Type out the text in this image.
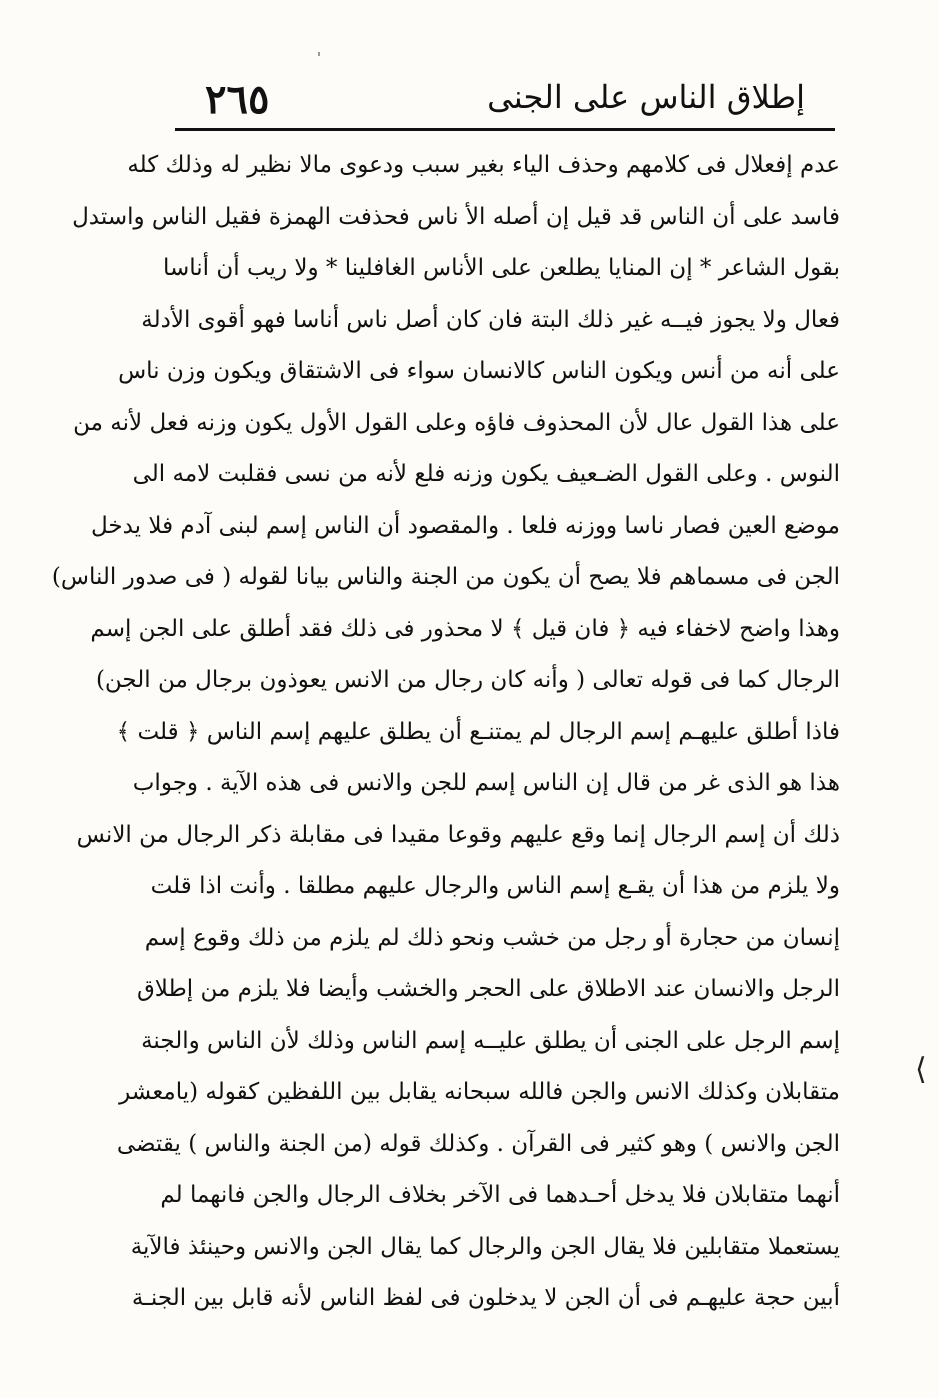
٢٦٥	إطلاق الناس على الجنى
عدم إفعلال فى كلامهم وحذف الياء بغير سبب ودعوى مالا نظير له وذلك كله
فاسد على أن الناس قد قيل إن أصله الأ ناس فحذفت الهمزة فقيل الناس واستدل
بقول الشاعر * إن المنايا يطلعن على الأناس الغافلينا * ولا ريب أن أناسا
فعال ولا يجوز فيــه غير ذلك البتة فان كان أصل ناس أناسا فهو أقوى الأدلة
على أنه من أنس ويكون الناس كالانسان سواء فى الاشتقاق ويكون وزن ناس
على هذا القول عال لأن المحذوف فاؤه وعلى القول الأول يكون وزنه فعل لأنه من
النوس . وعلى القول الضـعيف يكون وزنه فلع لأنه من نسى فقلبت لامه الى
موضع العين فصار ناسا ووزنه فلعا . والمقصود أن الناس إسم لبنى آدم فلا يدخل
الجن فى مسماهم فلا يصح أن يكون من الجنة والناس بيانا لقوله ( فى صدور الناس)
وهذا واضح لاخفاء فيه ﴿ فان قيل ﴾ لا محذور فى ذلك فقد أطلق على الجن إسم
الرجال كما فى قوله تعالى ( وأنه كان رجال من الانس يعوذون برجال من الجن)
فاذا أطلق عليهـم إسم الرجال لم يمتنـع أن يطلق عليهم إسم الناس ﴿ قلت ﴾
هذا هو الذى غر من قال إن الناس إسم للجن والانس فى هذه الآية . وجواب
ذلك أن إسم الرجال إنما وقع عليهم وقوعا مقيدا فى مقابلة ذكر الرجال من الانس
ولا يلزم من هذا أن يقـع إسم الناس والرجال عليهم مطلقا . وأنت اذا قلت
إنسان من حجارة أو رجل من خشب ونحو ذلك لم يلزم من ذلك وقوع إسم
الرجل والانسان عند الاطلاق على الحجر والخشب وأيضا فلا يلزم من إطلاق
إسم الرجل على الجنى أن يطلق عليــه إسم الناس وذلك لأن الناس والجنة
متقابلان وكذلك الانس والجن فالله سبحانه يقابل بين اللفظين كقوله (يامعشر
الجن والانس ) وهو كثير فى القرآن . وكذلك قوله (من الجنة والناس ) يقتضى
أنهما متقابلان فلا يدخل أحـدهما فى الآخر بخلاف الرجال والجن فانهما لم
يستعملا متقابلين فلا يقال الجن والرجال كما يقال الجن والانس وحينئذ فالآية
أبين حجة عليهـم فى أن الجن لا يدخلون فى لفظ الناس لأنه قابل بين الجنـة
⟨
